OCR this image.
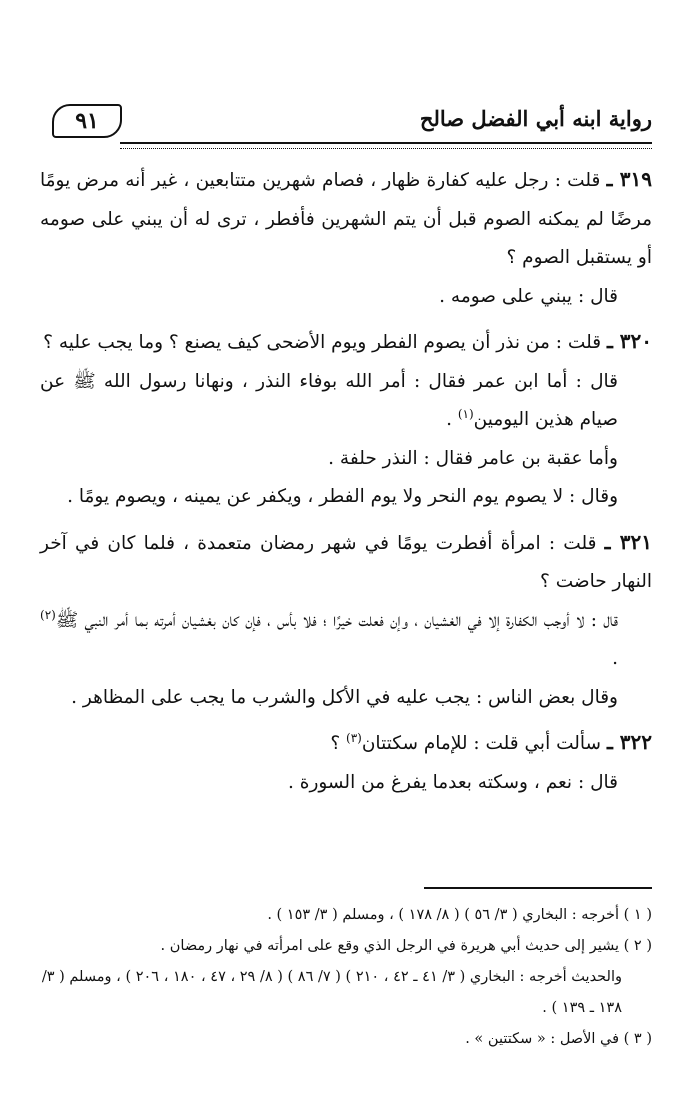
رواية ابنه أبي الفضل صالح
٩١

٣١٩ ـ قلت : رجل عليه كفارة ظهار ، فصام شهرين متتابعين ، غير أنه مرض يومًا مرضًا لم يمكنه الصوم قبل أن يتم الشهرين فأفطر ، ترى له أن يبني على صومه أو يستقبل الصوم ؟

قال : يبني على صومه .

٣٢٠ ـ قلت : من نذر أن يصوم الفطر ويوم الأضحى كيف يصنع ؟ وما يجب عليه ؟

قال : أما ابن عمر فقال : أمر الله بوفاء النذر ، ونهانا رسول الله ﷺ عن صيام هذين اليومين$^{(١)}$ .

وأما عقبة بن عامر فقال : النذر حلفة .

وقال : لا يصوم يوم النحر ولا يوم الفطر ، ويكفر عن يمينه ، ويصوم يومًا .

٣٢١ ـ قلت : امرأة أفطرت يومًا في شهر رمضان متعمدة ، فلما كان في آخر النهار حاضت ؟

قال : لا أوجب الكفارة إلا في الغشيان ، وإن فعلت خيرًا ؛ فلا بأس ، فإن كان بغشيان أمرته بما أمر النبي ﷺ$^{(٢)}$ .

وقال بعض الناس : يجب عليه في الأكل والشرب ما يجب على المظاهر .

٣٢٢ ـ سألت أبي قلت : للإمام سكتتان$^{(٣)}$ ؟

قال : نعم ، وسكته بعدما يفرغ من السورة .

( ١ ) أخرجه : البخاري ( ٣/ ٥٦ ) ( ٨/ ١٧٨ ) ، ومسلم ( ٣/ ١٥٣ ) .

( ٢ ) يشير إلى حديث أبي هريرة في الرجل الذي وقع على امرأته في نهار رمضان .

والحديث أخرجه : البخاري ( ٣/ ٤١ ـ ٤٢ ، ٢١٠ ) ( ٧/ ٨٦ ) ( ٨/ ٢٩ ، ٤٧ ، ١٨٠ ، ٢٠٦ ) ، ومسلم ( ٣/ ١٣٨ ـ ١٣٩ ) .

( ٣ ) في الأصل : « سكتتين » .
